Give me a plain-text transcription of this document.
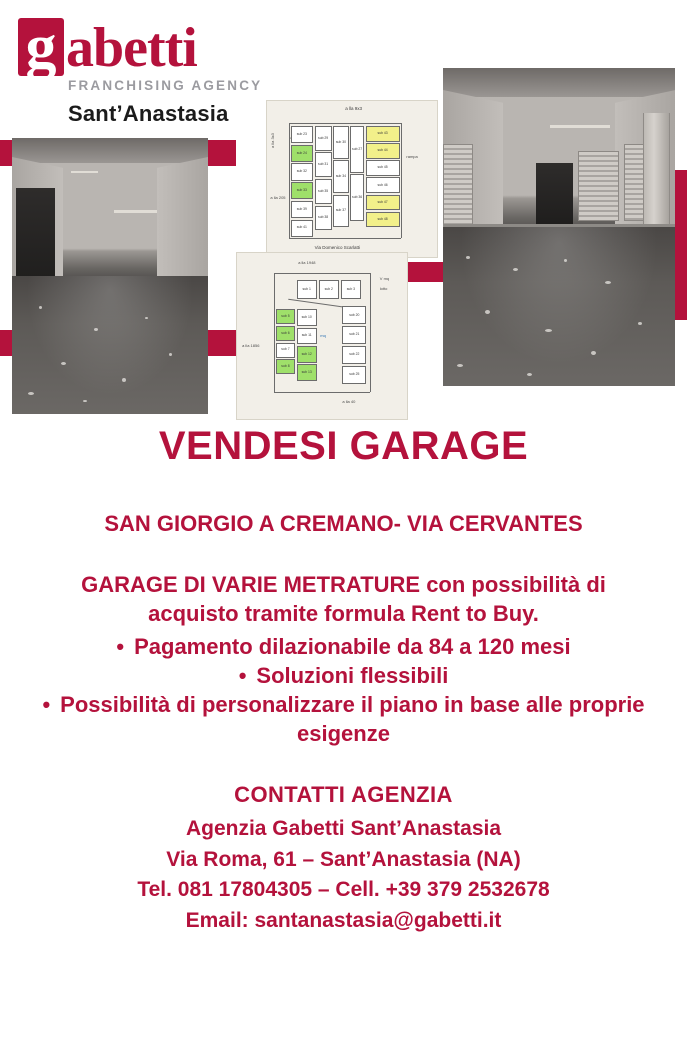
g abetti
FRANCHISING AGENCY
Sant’Anastasia	a lla 9x3
a lla 3x3
a lla 205
rampa
sub 23
sub 24
sub 32
sub 33
sub 39
sub 41
sub 29
sub 31
sub 35
sub 38
sub 30
sub 34
sub 37
sub 27
sub 36
sub 43
sub 44
sub 45
sub 46
sub 47
sub 48
Via Domenico Scarlatti
a lla 1948
a lla 1856
a lla 40
V mq
lotto
sub 5
sub 6
sub 7
sub 8
sub 1	sub 2	sub 3
sub 10
sub 11
sub 12
sub 13
sub 20
sub 21
sub 22
sub 25
mq
VENDESI GARAGE

SAN GIORGIO A CREMANO- VIA CERVANTES

GARAGE DI VARIE METRATURE con possibilità di

acquisto tramite formula Rent to Buy.

• Pagamento dilazionabile da 84 a 120 mesi
• Soluzioni flessibili
• Possibilità di personalizzare il piano in base alle proprie esigenze

CONTATTI AGENZIA

Agenzia Gabetti Sant’Anastasia

Via Roma, 61 – Sant’Anastasia (NA)

Tel. 081 17804305 – Cell. +39 379 2532678

Email: santanastasia@gabetti.it
